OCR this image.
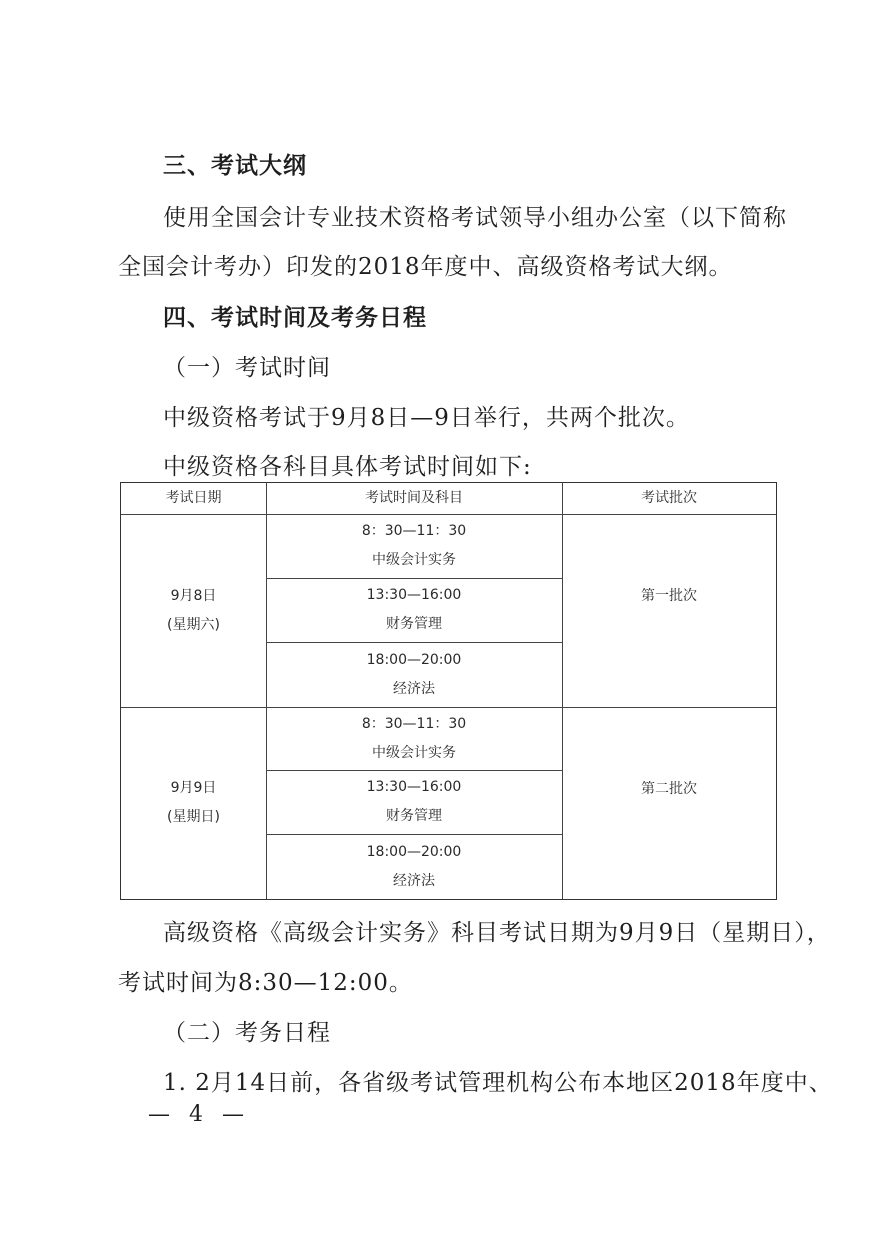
三、考试大纲
使用全国会计专业技术资格考试领导小组办公室（以下简称
全国会计考办）印发的2018年度中、高级资格考试大纲。
四、考试时间及考务日程
（一）考试时间
中级资格考试于9月8日—9日举行，共两个批次。
中级资格各科目具体考试时间如下:
考试日期	考试时间及科目	考试批次
9月8日
(星期六)
8：30—11：30
中级会计实务
13:30—16:00
财务管理
18:00—20:00
经济法
第一批次
9月9日
(星期日)
8：30—11：30
中级会计实务
13:30—16:00
财务管理
18:00—20:00
经济法
第二批次
高级资格《高级会计实务》科目考试日期为9月9日（星期日），
考试时间为8:30—12:00。
（二）考务日程
1. 2月14日前，各省级考试管理机构公布本地区2018年度中、
— 4 —
